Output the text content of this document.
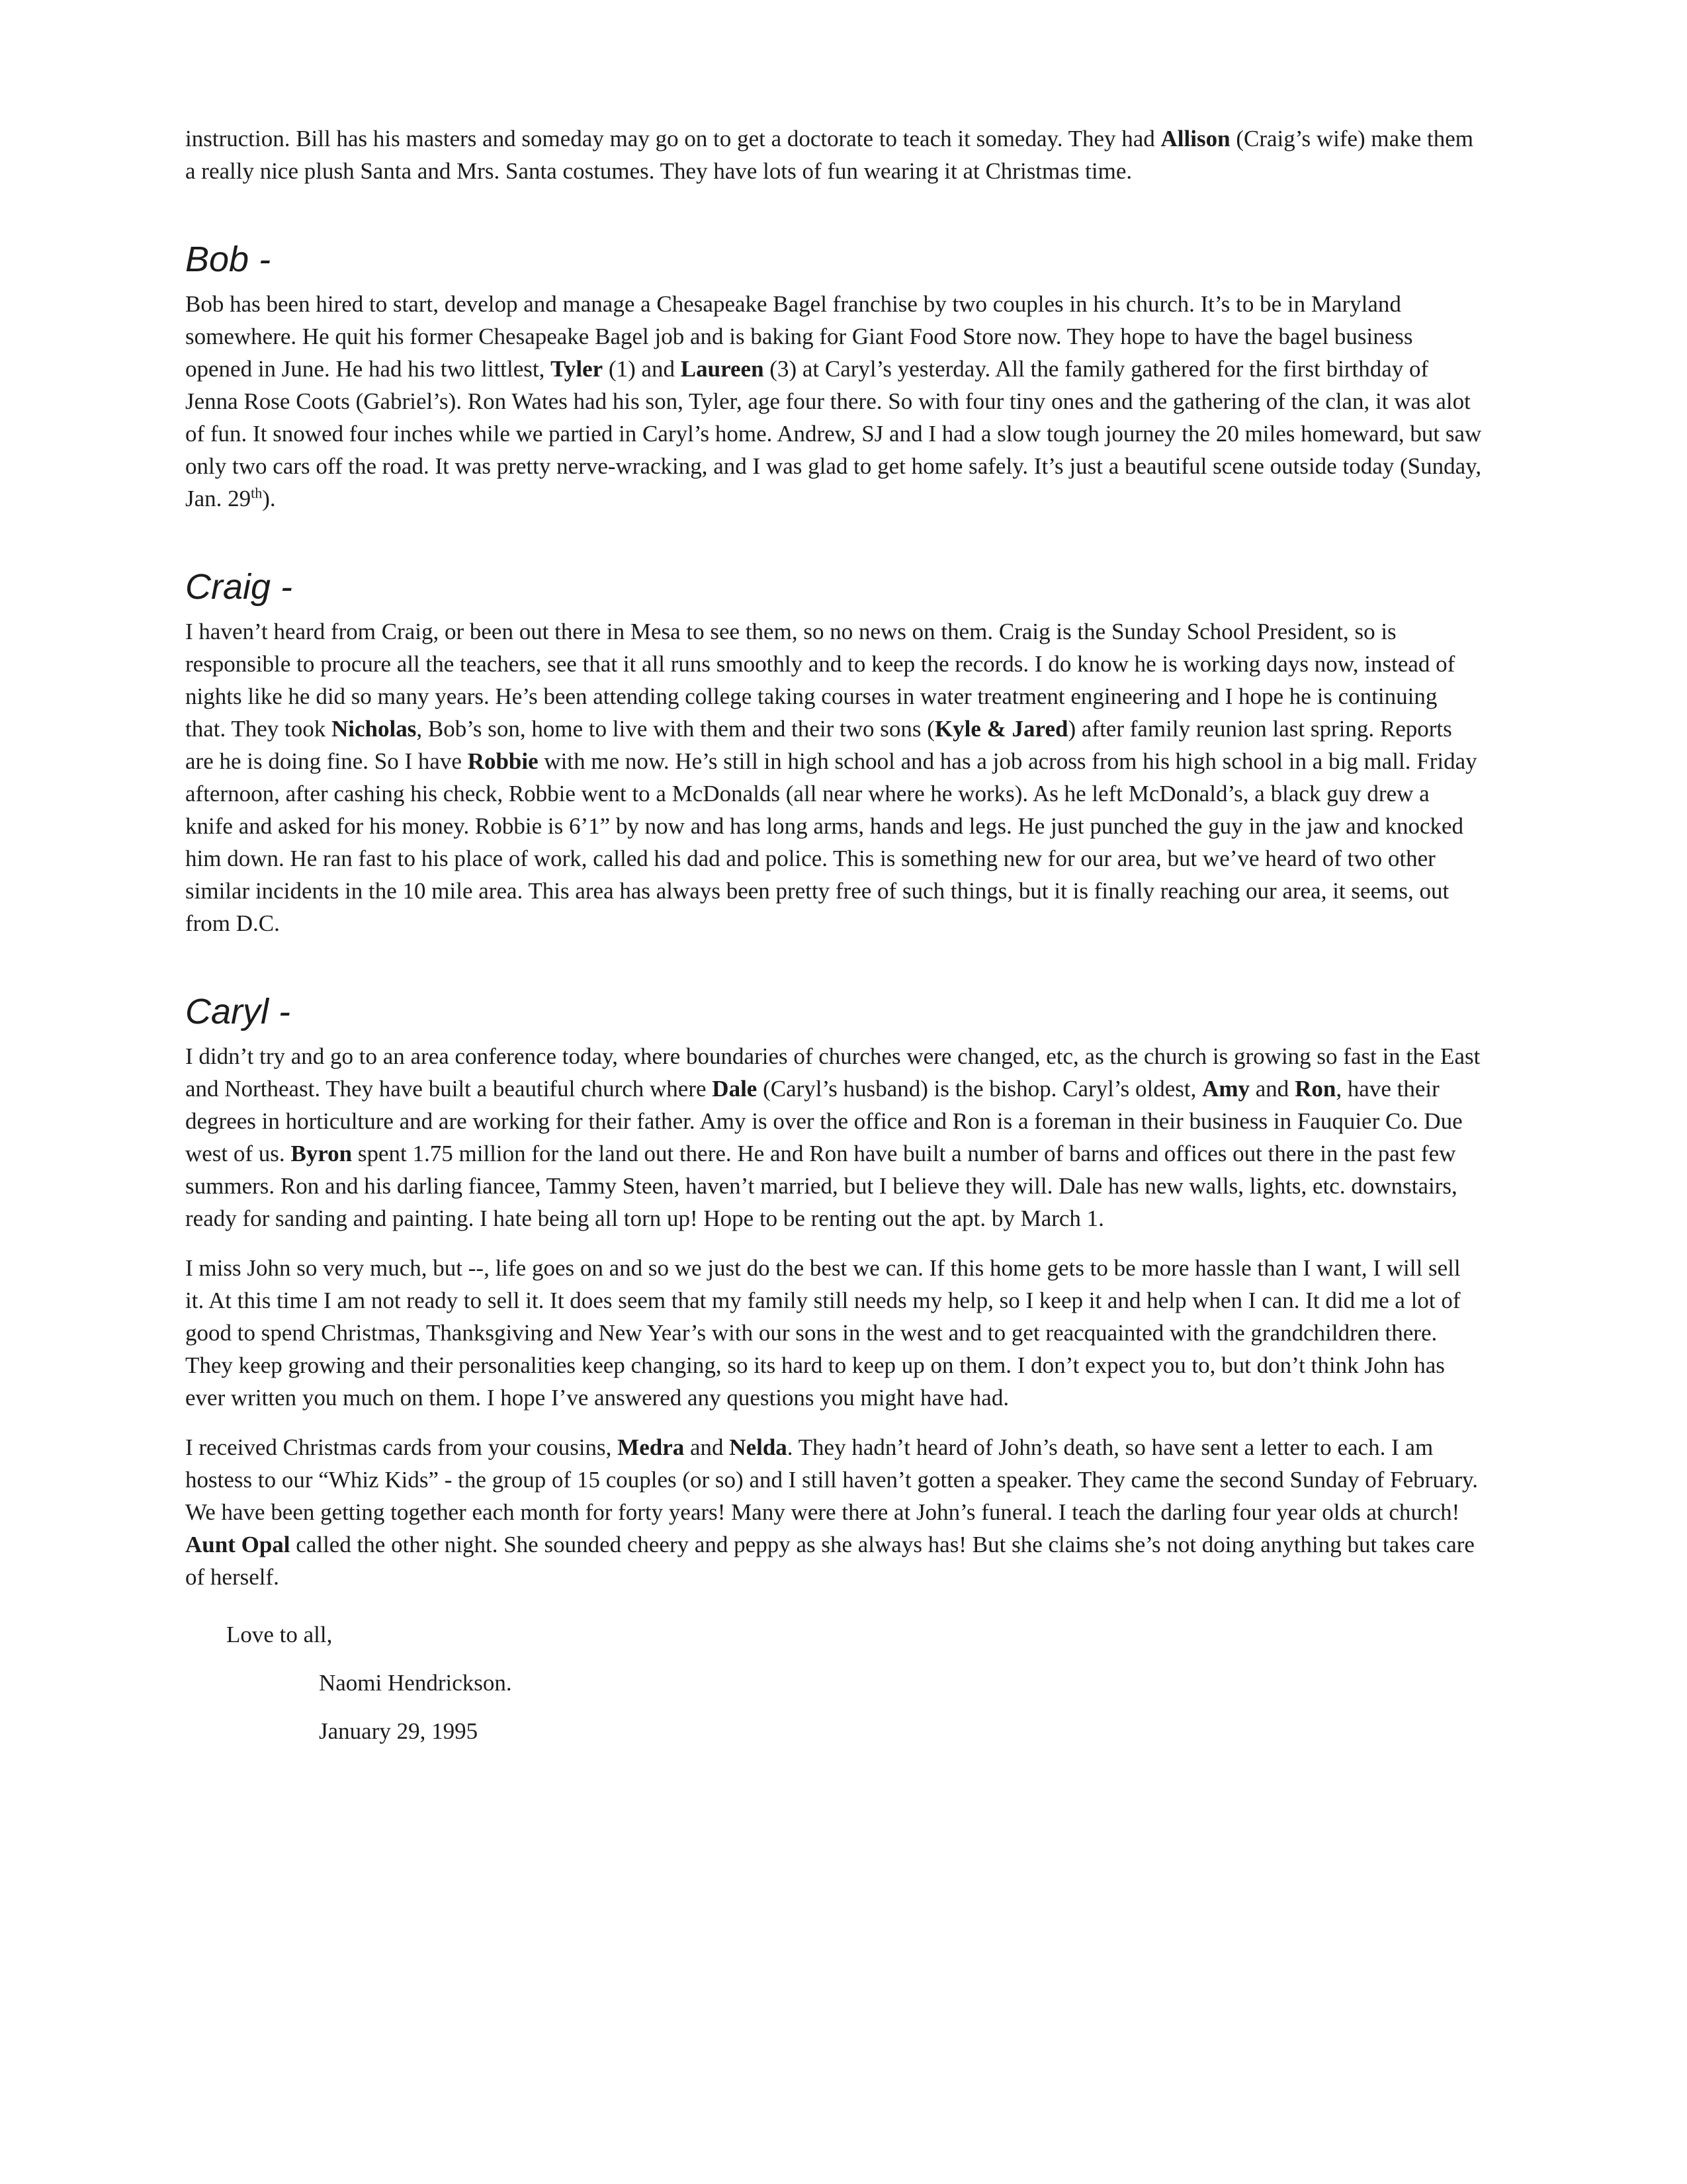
instruction. Bill has his masters and someday may go on to get a doctorate to teach it someday. They had Allison (Craig’s wife) make them a really nice plush Santa and Mrs. Santa costumes. They have lots of fun wearing it at Christmas time.

Bob -

Bob has been hired to start, develop and manage a Chesapeake Bagel franchise by two couples in his church. It’s to be in Maryland somewhere. He quit his former Chesapeake Bagel job and is baking for Giant Food Store now. They hope to have the bagel business opened in June. He had his two littlest, Tyler (1) and Laureen (3) at Caryl’s yesterday. All the family gathered for the first birthday of Jenna Rose Coots (Gabriel’s). Ron Wates had his son, Tyler, age four there. So with four tiny ones and the gathering of the clan, it was alot of fun. It snowed four inches while we partied in Caryl’s home. Andrew, SJ and I had a slow tough journey the 20 miles homeward, but saw only two cars off the road. It was pretty nerve-wracking, and I was glad to get home safely. It’s just a beautiful scene outside today (Sunday, Jan. 29th).

Craig -

I haven’t heard from Craig, or been out there in Mesa to see them, so no news on them. Craig is the Sunday School President, so is responsible to procure all the teachers, see that it all runs smoothly and to keep the records. I do know he is working days now, instead of nights like he did so many years. He’s been attending college taking courses in water treatment engineering and I hope he is continuing that. They took Nicholas, Bob’s son, home to live with them and their two sons (Kyle & Jared) after family reunion last spring. Reports are he is doing fine. So I have Robbie with me now. He’s still in high school and has a job across from his high school in a big mall. Friday afternoon, after cashing his check, Robbie went to a McDonalds (all near where he works). As he left McDonald’s, a black guy drew a knife and asked for his money. Robbie is 6’1” by now and has long arms, hands and legs. He just punched the guy in the jaw and knocked him down. He ran fast to his place of work, called his dad and police. This is something new for our area, but we’ve heard of two other similar incidents in the 10 mile area. This area has always been pretty free of such things, but it is finally reaching our area, it seems, out from D.C.

Caryl -

I didn’t try and go to an area conference today, where boundaries of churches were changed, etc, as the church is growing so fast in the East and Northeast. They have built a beautiful church where Dale (Caryl’s husband) is the bishop. Caryl’s oldest, Amy and Ron, have their degrees in horticulture and are working for their father. Amy is over the office and Ron is a foreman in their business in Fauquier Co. Due west of us. Byron spent 1.75 million for the land out there. He and Ron have built a number of barns and offices out there in the past few summers. Ron and his darling fiancee, Tammy Steen, haven’t married, but I believe they will. Dale has new walls, lights, etc. downstairs, ready for sanding and painting. I hate being all torn up! Hope to be renting out the apt. by March 1.

I miss John so very much, but --, life goes on and so we just do the best we can. If this home gets to be more hassle than I want, I will sell it. At this time I am not ready to sell it. It does seem that my family still needs my help, so I keep it and help when I can. It did me a lot of good to spend Christmas, Thanksgiving and New Year’s with our sons in the west and to get reacquainted with the grandchildren there. They keep growing and their personalities keep changing, so its hard to keep up on them. I don’t expect you to, but don’t think John has ever written you much on them. I hope I’ve answered any questions you might have had.

I received Christmas cards from your cousins, Medra and Nelda. They hadn’t heard of John’s death, so have sent a letter to each. I am hostess to our “Whiz Kids” - the group of 15 couples (or so) and I still haven’t gotten a speaker. They came the second Sunday of February. We have been getting together each month for forty years! Many were there at John’s funeral. I teach the darling four year olds at church! Aunt Opal called the other night. She sounded cheery and peppy as she always has! But she claims she’s not doing anything but takes care of herself.

Love to all,
Naomi Hendrickson.
January 29, 1995
